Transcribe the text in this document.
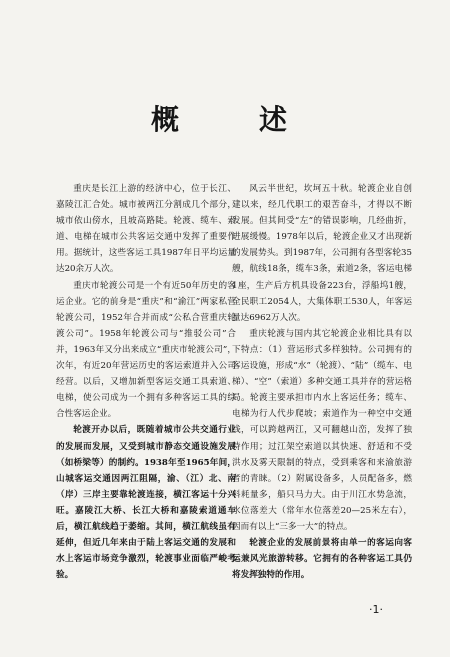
概	述

重庆是长江上游的经济中心，位于长江、嘉陵江汇合处。城市被两江分割成几个部分，城市依山傍水，且坡高路陡。轮渡、缆车、索道、电梯在城市公共客运交通中发挥了重要作用。据统计，这些客运工具1987年日平均运量达20余万人次。

重庆市轮渡公司是一个有近50年历史的客运企业。它的前身是“重庆”和“渝江”两家私营轮渡公司，1952年合并而成“公私合营重庆轮渡公司”。1958年轮渡公司与“推驳公司”合并，1963年又分出来成立“重庆市轮渡公司”，次年，有近20年营运历史的客运索道并入公司经营。以后，又增加新型客运交通工具索道、电梯，使公司成为一个拥有多种客运工具的综合性客运企业。

轮渡开办以后，既随着城市公共交通行业的发展而发展，又受到城市静态交通设施发展（如桥梁等）的制约。1938年至1965年间，山城客运交通因两江阻隔，渝、（江）北、南（岸）三岸主要靠轮渡连接，横江客运十分兴旺。嘉陵江大桥、长江大桥和嘉陵索道通车后，横江航线趋于萎缩。其间，横江航线虽有延伸，但近几年来由于陆上客运交通的发展和水上客运市场竞争激烈，轮渡事业面临严峻考验。

风云半世纪，坎坷五十秋。轮渡企业自创建以来，经几代职工的艰苦奋斗，才得以不断发展。但其间受“左”的错误影响，几经曲折，进展缓慢。1978年以后，轮渡企业又才出现新的发展势头。到1987年，公司拥有各型客轮35艘，航线18条，缆车3条，索道2条，客运电梯1座，生产后方机具设备223台，浮船坞1艘，全民职工2054人，大集体职工530人，年客运量达6962万人次。

重庆轮渡与国内其它轮渡企业相比具有以下特点：（1）营运形式多样独特。公司拥有的客运设施，形成“水”（轮渡）、“陆”（缆车、电梯）、“空”（索道）多种交通工具并存的营运格局。轮渡主要承担市内水上客运任务；缆车、电梯为行人代步爬坡；索道作为一种空中交通线，可以跨越两江，又可翻越山峦，发挥了独特作用；过江架空索道以其快速、舒适和不受洪水及雾天限制的特点，受到乘客和来渝旅游者的青睐。（2）附属设备多，人员配备多，燃料耗量多，船只马力大。由于川江水势急流，水位落差大（常年水位落差20—25米左右），因而有以上“三多一大”的特点。

轮渡企业的发展前景将由单一的客运向客运兼风光旅游转移。它拥有的各种客运工具仍将发挥独特的作用。

·1·
